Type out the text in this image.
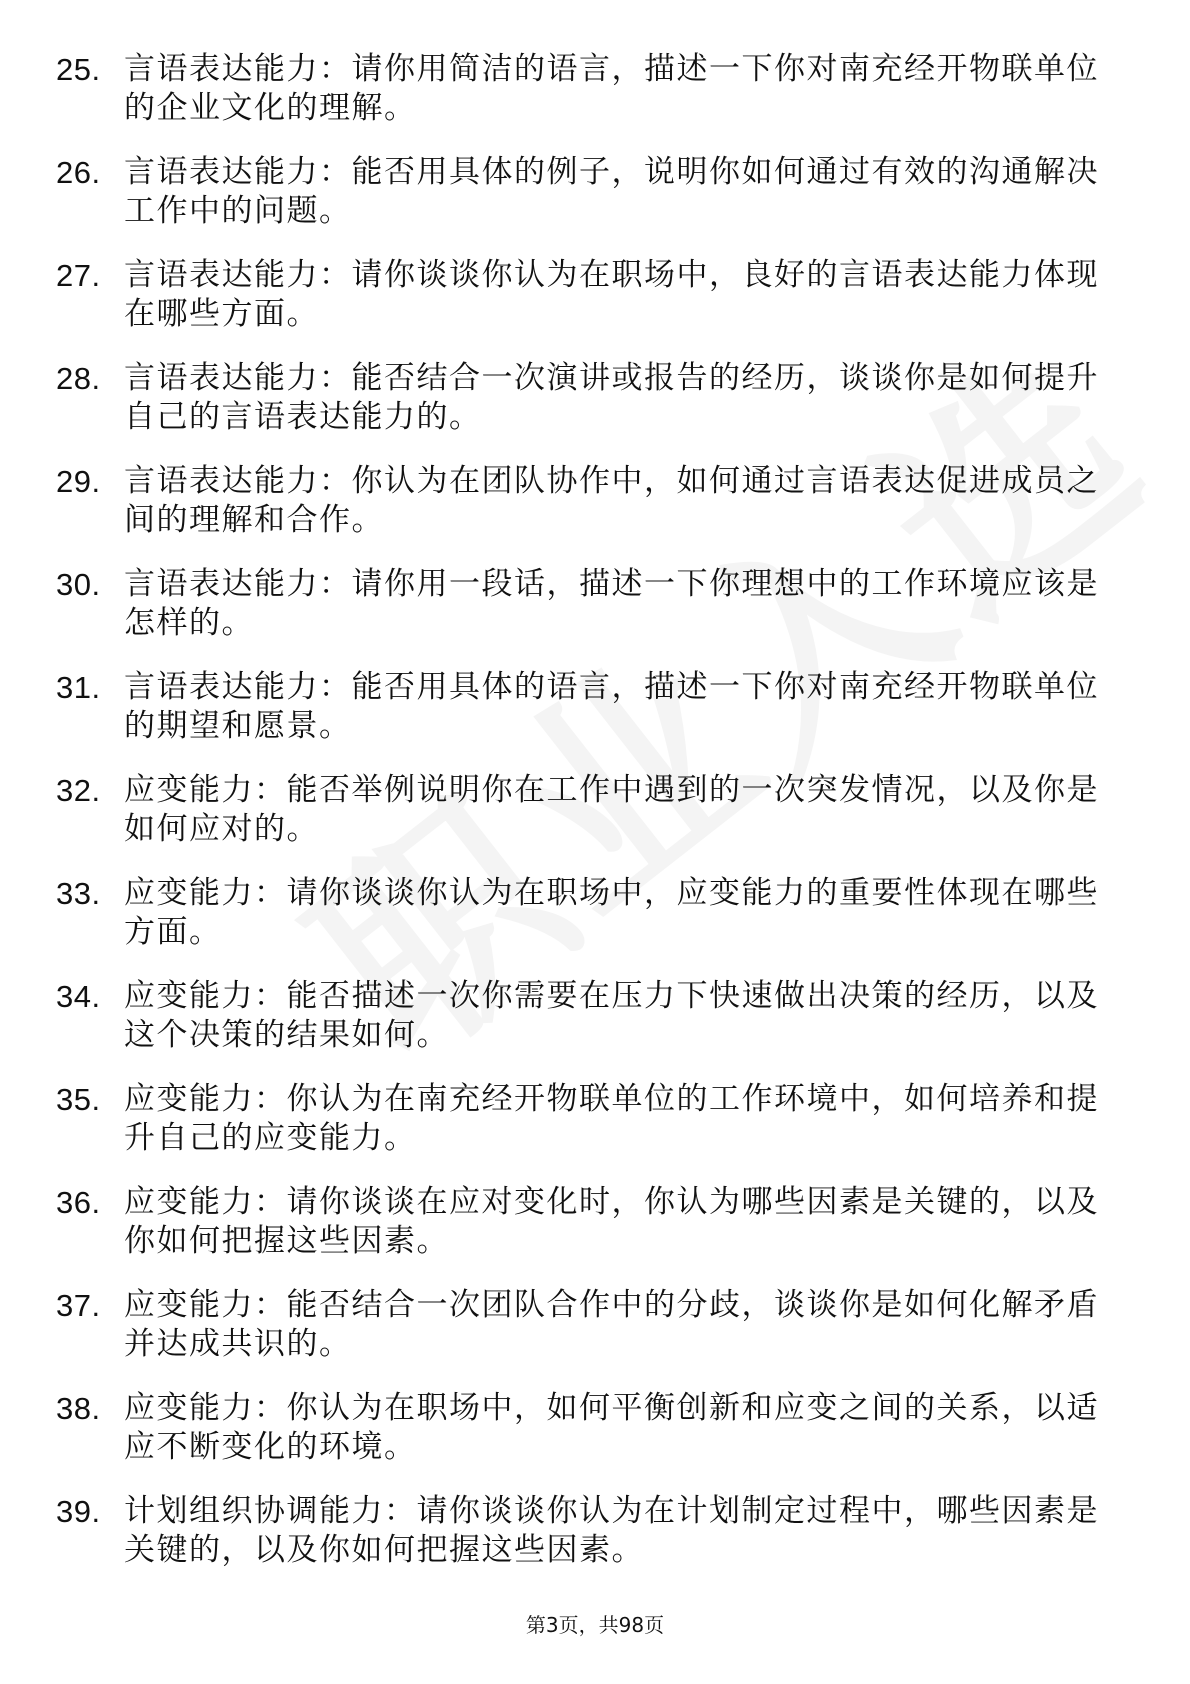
25. 言语表达能力：请你用简洁的语言，描述一下你对南充经开物联单位的企业文化的理解。
26. 言语表达能力：能否用具体的例子，说明你如何通过有效的沟通解决工作中的问题。
27. 言语表达能力：请你谈谈你认为在职场中，良好的言语表达能力体现在哪些方面。
28. 言语表达能力：能否结合一次演讲或报告的经历，谈谈你是如何提升自己的言语表达能力的。
29. 言语表达能力：你认为在团队协作中，如何通过言语表达促进成员之间的理解和合作。
30. 言语表达能力：请你用一段话，描述一下你理想中的工作环境应该是怎样的。
31. 言语表达能力：能否用具体的语言，描述一下你对南充经开物联单位的期望和愿景。
32. 应变能力：能否举例说明你在工作中遇到的一次突发情况，以及你是如何应对的。
33. 应变能力：请你谈谈你认为在职场中，应变能力的重要性体现在哪些方面。
34. 应变能力：能否描述一次你需要在压力下快速做出决策的经历，以及这个决策的结果如何。
35. 应变能力：你认为在南充经开物联单位的工作环境中，如何培养和提升自己的应变能力。
36. 应变能力：请你谈谈在应对变化时，你认为哪些因素是关键的，以及你如何把握这些因素。
37. 应变能力：能否结合一次团队合作中的分歧，谈谈你是如何化解矛盾并达成共识的。
38. 应变能力：你认为在职场中，如何平衡创新和应变之间的关系，以适应不断变化的环境。
39. 计划组织协调能力：请你谈谈你认为在计划制定过程中，哪些因素是关键的，以及你如何把握这些因素。
第3页，共98页
